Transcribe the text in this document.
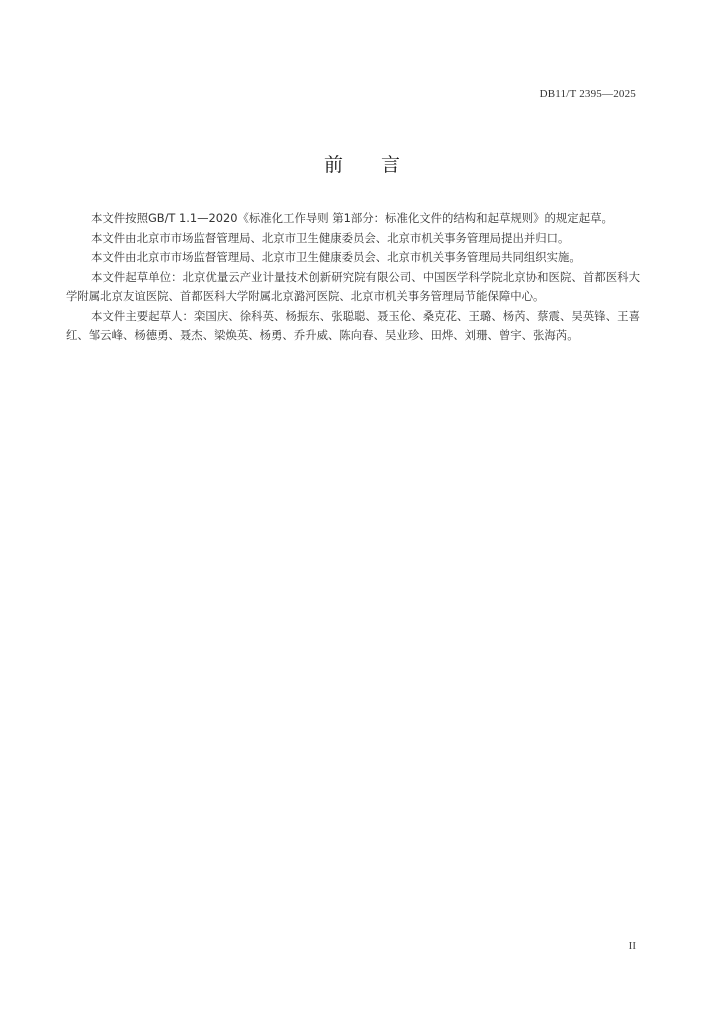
DB11/T 2395—2025
前言

本文件按照GB/T 1.1—2020《标准化工作导则 第1部分：标准化文件的结构和起草规则》的规定起草。

本文件由北京市市场监督管理局、北京市卫生健康委员会、北京市机关事务管理局提出并归口。

本文件由北京市市场监督管理局、北京市卫生健康委员会、北京市机关事务管理局共同组织实施。

本文件起草单位：北京优量云产业计量技术创新研究院有限公司、中国医学科学院北京协和医院、首都医科大学附属北京友谊医院、首都医科大学附属北京潞河医院、北京市机关事务管理局节能保障中心。

本文件主要起草人：栾国庆、徐科英、杨振东、张聪聪、聂玉伦、桑克花、王璐、杨芮、蔡震、吴英锋、王喜红、邹云峰、杨德勇、聂杰、梁焕英、杨勇、乔升威、陈向春、吴业珍、田烨、刘珊、曾宇、张海芮。

II
